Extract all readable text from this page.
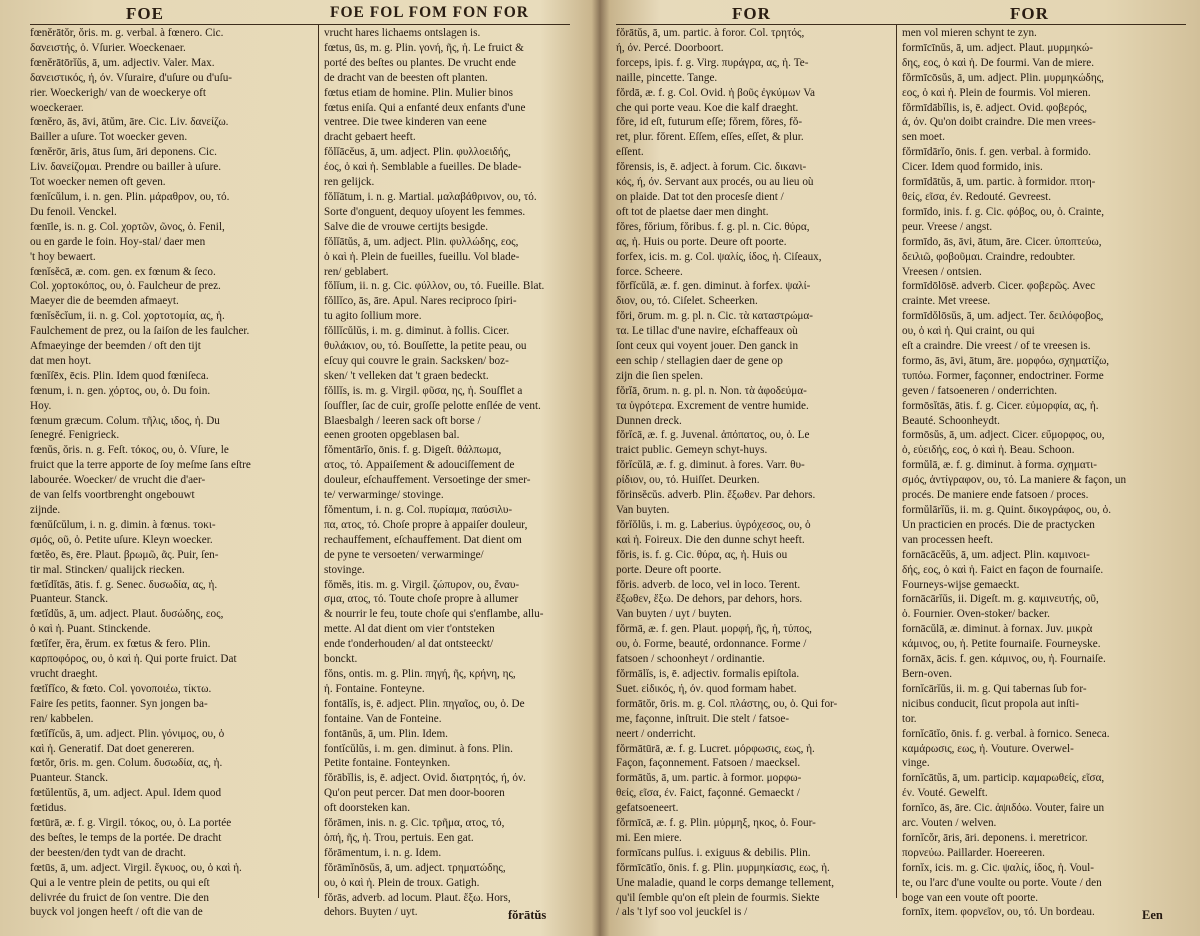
FOE	FOE FOL FOM FON FOR
fœnĕrātŏr, ŏris. m. g. verbal. à fœnero. Cic.
δανειστής, ὁ. Vſurier. Woeckenaer.
fœnĕrātōrĭŭs, ā, um. adjectiv. Valer. Max.
δανειστικός, ή, όν. Vſuraire, d'uſure ou d'uſu-
rier. Woeckerigh/ van de woeckerye oft
woeckeraer.
fœnĕro, ās, āvi, ātŭm, āre. Cic. Liv. δανείζω.
Bailler a uſure. Tot woecker geven.
fœnĕrōr, āris, ātus ſum, āri deponens. Cic.
Liv. δανείζομαι. Prendre ou bailler à uſure.
Tot woecker nemen oft geven.
fœnĭcŭlum, i. n. gen. Plin. μάραθρον, ου, τό.
Du fenoil. Venckel.
fœnīle, is. n. g. Col. χορτῶν, ῶνος, ὁ. Fenil,
ou en garde le foin. Hoy-stal/ daer men
't hoy bewaert.
fœnĭsĕcā, æ. com. gen. ex fœnum & ſeco.
Col. χορτοκόπος, ου, ὁ. Faulcheur de prez.
Maeyer die de beemden afmaeyt.
fœnĭsĕcĭum, ii. n. g. Col. χορτοτομία, ας, ἡ.
Faulchement de prez, ou la ſaiſon de les faulcher.
Afmaeyinge der beemden / oft den tijt
dat men hoyt.
fœnĭſēx, ēcis. Plin. Idem quod fœniſeca.
fœnum, i. n. gen. χόρτος, ου, ὁ. Du foin.
Hoy.
fœnum græcum. Colum. τῆλις, ιδος, ἡ. Du
ſenegré. Fenigrieck.
fœnŭs, ŏris. n. g. Feſt. τόκος, ου, ὁ. Vſure, le
fruict que la terre apporte de ſoy meſme ſans eſtre
labourée. Woecker/ de vrucht die d'aer-
de van ſelfs voortbrenght ongebouwt
zijnde.
fœnŭſcŭlum, i. n. g. dimin. à fœnus. τοκι-
σμός, οῦ, ὁ. Petite uſure. Kleyn woecker.
fœtĕo, ēs, ēre. Plaut. βρωμῶ, ᾶς. Puir, ſen-
tir mal. Stincken/ qualijck riecken.
fœtĭdĭtās, ātis. f. g. Senec. δυσωδία, ας, ἡ.
Puanteur. Stanck.
fœtĭdŭs, ā, um. adject. Plaut. δυσώδης, εος,
ὁ καὶ ἡ. Puant. Stinckende.
fœtĭfer, ĕra, ĕrum. ex fœtus & fero. Plin.
καρποφόρος, ου, ὁ καὶ ἡ. Qui porte fruict. Dat
vrucht draeght.
fœtĭfĭco, & fœto. Col. γονοποιέω, τίκτω.
Faire ſes petits, faonner. Syn jongen ba-
ren/ kabbelen.
fœtĭfĭcŭs, ā, um. adject. Plin. γόνιμος, ου, ὁ
καὶ ἡ. Generatif. Dat doet genereren.
fœtŏr, ōris. m. gen. Colum. δυσωδία, ας, ἡ.
Puanteur. Stanck.
fœtŭlentŭs, ā, um. adject. Apul. Idem quod
fœtidus.
fœtūrā, æ. f. g. Virgil. τόκος, ου, ὁ. La portée
des beſtes, le temps de la portée. De dracht
der beesten/den tydt van de dracht.
fœtūs, ā, um. adject. Virgil. ἔγκυος, ου, ὁ καὶ ἡ.
Qui a le ventre plein de petits, ou qui eſt
delivrée du fruict de ſon ventre. Die den
buyck vol jongen heeft / oft die van de
vrucht hares lichaems ontslagen is.
fœtus, ūs, m. g. Plin. γονή, ῆς, ἡ. Le fruict &
porté des beſtes ou plantes. De vrucht ende
de dracht van de beesten oft planten.
fœtus etiam de homine. Plin. Mulier binos
fœtus eniſa. Qui a enfanté deux enfants d'une
ventree. Die twee kinderen van eene
dracht gebaert heeft.
fŏlĭācĕus, ā, um. adject. Plin. φυλλοειδής,
έος, ὁ καὶ ἡ. Semblable a fueilles. De blade-
ren gelijck.
fŏlĭātum, i. n. g. Martial. μαλαβάθρινον, ου, τό.
Sorte d'onguent, dequoy uſoyent les femmes.
Salve die de vrouwe certijts besigde.
fŏlĭātŭs, ā, um. adject. Plin. φυλλώδης, εος,
ὁ καὶ ἡ. Plein de fueilles, fueillu. Vol blade-
ren/ geblabert.
fŏlĭum, ii. n. g. Cic. φύλλον, ου, τό. Fueille. Blat.
fŏllĭco, ās, āre. Apul. Nares reciproco ſpiri-
tu agito ſollium more.
fŏllĭcŭlŭs, i. m. g. diminut. à follis. Cicer.
θυλάκιον, ου, τό. Bouſſette, la petite peau, ou
eſcuy qui couvre le grain. Sacksken/ boz-
sken/ 't velleken dat 't graen bedeckt.
fŏllĭs, is. m. g. Virgil. φῦσα, ης, ἡ. Souſflet a
ſouſfler, ſac de cuir, groſſe pelotte enſlée de vent.
Blaesbalgh / leeren sack oft borse /
eenen grooten opgeblasen bal.
fŏmentārĭo, ōnis. f. g. Digeſt. θάλπωμα,
ατος, τό. Appaiſement & adouciſſement de
douleur, eſchauffement. Versoetinge der smer-
te/ verwarminge/ stovinge.
fŏmentum, i. n. g. Col. πυρίαμα, παύσιλυ-
πα, ατος, τό. Choſe propre à appaiſer douleur,
rechauffement, eſchauffement. Dat dient om
de pyne te versoeten/ verwarminge/
stovinge.
fŏmĕs, itis. m. g. Virgil. ζώπυρον, ου, ἔναυ-
σμα, ατος, τό. Toute choſe propre à allumer
& nourrir le feu, toute choſe qui s'enflambe, allu-
mette. Al dat dient om vier t'ontsteken
ende t'onderhouden/ al dat ontsteeckt/
bonckt.
fŏns, ontis. m. g. Plin. πηγή, ῆς, κρήνη, ης,
ἡ. Fontaine. Fonteyne.
fontālĭs, is, ē. adject. Plin. πηγαῖος, ου, ὁ. De
fontaine. Van de Fonteine.
fontānŭs, ā, um. Plin. Idem.
fontĭcŭlŭs, i. m. gen. diminut. à fons. Plin.
Petite fontaine. Fonteynken.
fŏrābĭlis, is, ē. adject. Ovid. διατρητός, ή, όν.
Qu'on peut percer. Dat men door-booren
oft doorsteken kan.
fŏrāmen, inis. n. g. Cic. τρῆμα, ατος, τό,
ὀπή, ῆς, ἡ. Trou, pertuis. Een gat.
fŏrāmentum, i. n. g. Idem.
fŏrāmĭnōsŭs, ā, um. adject. τρηματώδης,
ου, ὁ καὶ ἡ. Plein de troux. Gatigh.
fŏrās, adverb. ad locum. Plaut. ἔξω. Hors,
dehors. Buyten / uyt.	fŏrātŭs
FOR	FOR
fŏrātŭs, ā, um. partic. à foror. Col. τρητός,
ή, όν. Percé. Doorboort.
forceps, ipis. f. g. Virg. πυράγρα, ας, ἡ. Te-
naille, pincette. Tange.
fŏrdā, æ. f. g. Col. Ovid. ἡ βοῦς ἐγκύμων Va
che qui porte veau. Koe die kalf draeght.
fŏre, id eſt, futurum eſſe; fŏrem, fŏres, fŏ-
ret, plur. fŏrent. Eſſem, eſſes, eſſet, & plur.
eſſent.
fŏrensis, is, ē. adject. à forum. Cic. δικανι-
κός, ή, όν. Servant aux procés, ou au lieu où
on plaide. Dat tot den procesſe dient /
oft tot de plaetse daer men dinght.
fŏres, fŏrium, fŏribus. f. g. pl. n. Cic. θύρα,
ας, ἡ. Huis ou porte. Deure oft poorte.
forfex, icis. m. g. Col. ψαλίς, ίδος, ἡ. Ciſeaux,
force. Scheere.
fŏrfĭcŭlā, æ. f. gen. diminut. à forfex. ψαλί-
διον, ου, τό. Ciſelet. Scheerken.
fŏri, ōrum. m. g. pl. n. Cic. τὰ καταστρώμα-
τα. Le tillac d'une navire, eſchaffeaux où
ſont ceux qui voyent jouer. Den ganck in
een schip / stellagien daer de gene op
zijn die ſien spelen.
fŏrĭā, ōrum. n. g. pl. n. Non. τὰ ἀφοδεύμα-
τα ὑγρότερα. Excrement de ventre humide.
Dunnen dreck.
fŏrĭcā, æ. f. g. Juvenal. ἀπόπατος, ου, ὁ. Le
traict public. Gemeyn schyt-huys.
fŏrĭcŭlā, æ. f. g. diminut. à fores. Varr. θυ-
ρίδιον, ου, τό. Huiſſet. Deurken.
fŏrinsĕcŭs. adverb. Plin. ἔξωθεν. Par dehors.
Van buyten.
fŏrĭŏlŭs, i. m. g. Laberius. ὑγρόχεσος, ου, ὁ
καὶ ἡ. Foireux. Die den dunne schyt heeft.
fŏris, is. f. g. Cic. θύρα, ας, ἡ. Huis ou
porte. Deure oft poorte.
fŏris. adverb. de loco, vel in loco. Terent.
ἔξωθεν, ἔξω. De dehors, par dehors, hors.
Van buyten / uyt / buyten.
fŏrmā, æ. f. gen. Plaut. μορφή, ῆς, ἡ, τύπος,
ου, ὁ. Forme, beauté, ordonnance. Forme /
fatsoen / schoonheyt / ordinantie.
fŏrmālĭs, is, ē. adjectiv. formalis epiſtola.
Suet. εἰδικός, ή, όν. quod formam habet.
formātŏr, ōris. m. g. Col. πλάστης, ου, ὁ. Qui for-
me, façonne, inſtruit. Die stelt / fatsoe-
neert / onderricht.
fŏrmātūrā, æ. f. g. Lucret. μόρφωσις, εως, ἡ.
Façon, façonnement. Fatsoen / maecksel.
formātŭs, ā, um. partic. à formor. μορφω-
θείς, εῖσα, έν. Faict, façonné. Gemaeckt /
gefatsoeneert.
fŏrmīcā, æ. f. g. Plin. μύρμηξ, ηκος, ὁ. Four-
mi. Een miere.
formīcans pulſus. i. exiguus & debilis. Plin.
fŏrmīcātĭo, ōnis. f. g. Plin. μυρμηκίασις, εως, ἡ.
Une maladie, quand le corps demange tellement,
qu'il ſemble qu'on eſt plein de fourmis. Siekte
/ als 't lyf soo vol jeuckſel is /
men vol mieren schynt te zyn.
formīcīnŭs, ā, um. adject. Plaut. μυρμηκώ-
δης, εος, ὁ καὶ ἡ. De fourmi. Van de miere.
fŏrmīcōsŭs, ā, um. adject. Plin. μυρμηκώδης,
εος, ὁ καὶ ἡ. Plein de fourmis. Vol mieren.
fŏrmīdābĭlis, is, ē. adject. Ovid. φοβερός,
ά, όν. Qu'on doibt craindre. Die men vrees-
sen moet.
fŏrmīdārĭo, ōnis. f. gen. verbal. à formido.
Cicer. Idem quod formido, inis.
formīdātŭs, ā, um. partic. à formidor. πτοη-
θείς, εῖσα, έν. Redouté. Gevreest.
formīdo, inis. f. g. Cic. φόβος, ου, ὁ. Crainte,
peur. Vreese / angst.
formīdo, ās, āvi, ātum, āre. Cicer. ὑποπτεύω,
δειλιῶ, φοβοῦμαι. Craindre, redoubter.
Vreesen / ontsien.
formīdōlōsē. adverb. Cicer. φοβερῶς. Avec
crainte. Met vreese.
formīdŏlōsŭs, ā, um. adject. Ter. δειλόφοβος,
ου, ὁ καὶ ἡ. Qui craint, ou qui
eſt a craindre. Die vreest / of te vreesen is.
formo, ās, āvi, ātum, āre. μορφόω, σχηματίζω,
τυπόω. Former, façonner, endoctriner. Forme
geven / fatsoeneren / onderrichten.
formōsĭtās, ātis. f. g. Cicer. εὐμορφία, ας, ἡ.
Beauté. Schoonheydt.
formōsŭs, ā, um. adject. Cicer. εὔμορφος, ου,
ὁ, εὐειδής, εος, ὁ καὶ ἡ. Beau. Schoon.
formŭlā, æ. f. g. diminut. à forma. σχηματι-
σμός, ἀντίγραφον, ου, τό. La maniere & façon, un
procés. De maniere ende fatsoen / proces.
formŭlārĭŭs, ii. m. g. Quint. δικογράφος, ου, ὁ.
Un practicien en procés. Die de practycken
van processen heeft.
fornācācĕŭs, ā, um. adject. Plin. καμινοει-
δής, εος, ὁ καὶ ἡ. Faict en façon de fournaiſe.
Fourneys-wijse gemaeckt.
fornācārĭŭs, ii. Digeſt. m. g. καμινευτής, οῦ,
ὁ. Fournier. Oven-stoker/ backer.
fornācŭlā, æ. diminut. à fornax. Juv. μικρὰ
κάμινος, ου, ἡ. Petite fournaiſe. Fourneyske.
fornāx, ācis. f. gen. κάμινος, ου, ἡ. Fournaiſe.
Bern-oven.
fornĭcārĭŭs, ii. m. g. Qui tabernas ſub for-
nicibus conducit, ſicut propola aut inſti-
tor.
fornĭcātĭo, ōnis. f. g. verbal. à fornico. Seneca.
καμάρωσις, εως, ἡ. Vouture. Overwel-
vinge.
fornĭcātŭs, ā, um. particip. καμαρωθείς, εῖσα,
έν. Vouté. Gewelft.
fornĭco, ās, āre. Cic. ἁψιδόω. Vouter, faire un
arc. Vouten / welven.
fornĭcŏr, āris, āri. deponens. i. meretricor.
πορνεύω. Paillarder. Hoereeren.
fornĭx, icis. m. g. Cic. ψαλίς, ίδος, ἡ. Voul-
te, ou l'arc d'une voulte ou porte. Voute / den
boge van een voute oft poorte.
fornīx, item. φορνεῖον, ου, τό. Un bordeau.	Een
